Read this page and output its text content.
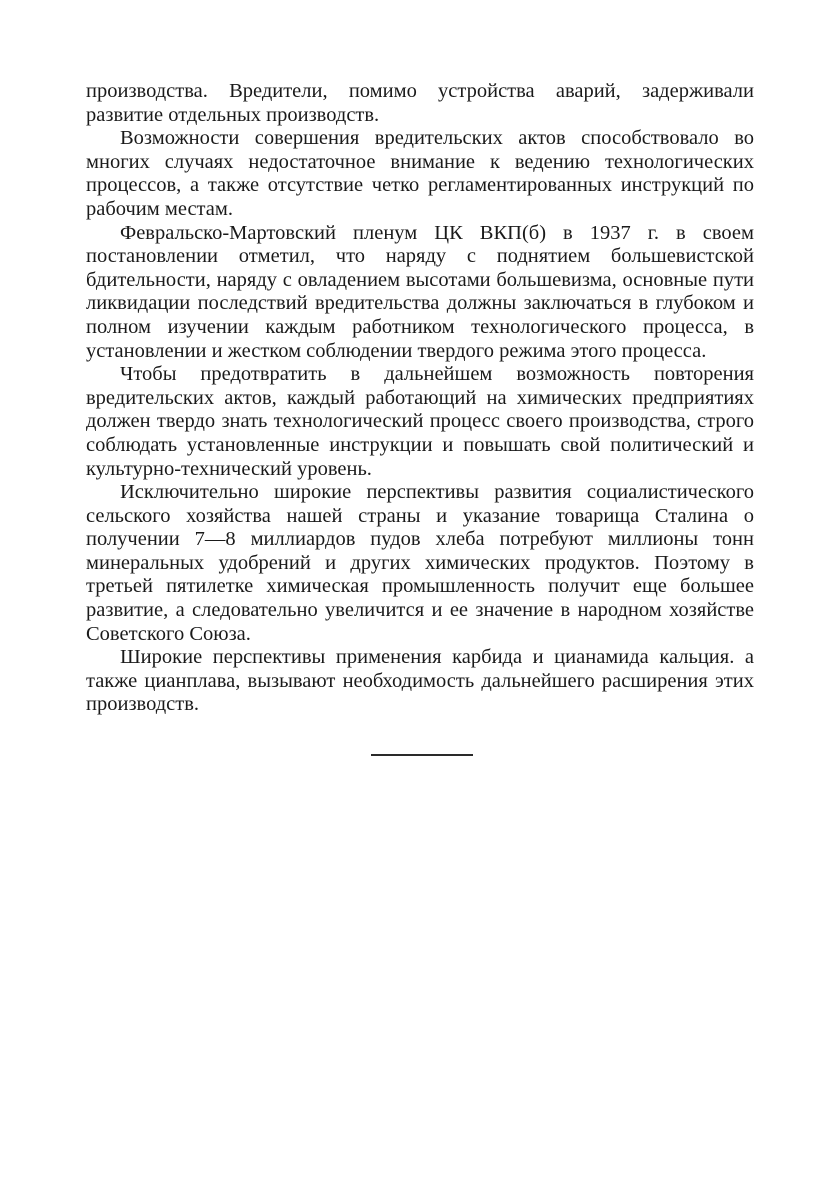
производства. Вредители, помимо устройства аварий, задерживали развитие отдельных производств.

Возможности совершения вредительских актов способствовало во многих случаях недостаточное внимание к ведению технологических процессов, а также отсутствие четко регламентированных инструкций по рабочим местам.

Февральско-Мартовский пленум ЦК ВКП(б) в 1937 г. в своем постановлении отметил, что наряду с поднятием большевистской бдительности, наряду с овладением высотами большевизма, основные пути ликвидации последствий вредительства должны заключаться в глубоком и полном изучении каждым работником технологического процесса, в установлении и жестком соблюдении твердого режима этого процесса.

Чтобы предотвратить в дальнейшем возможность повторения вредительских актов, каждый работающий на химических предприятиях должен твердо знать технологический процесс своего производства, строго соблюдать установленные инструкции и повышать свой политический и культурно-технический уровень.

Исключительно широкие перспективы развития социалистического сельского хозяйства нашей страны и указание товарища Сталина о получении 7—8 миллиардов пудов хлеба потребуют миллионы тонн минеральных удобрений и других химических продуктов. Поэтому в третьей пятилетке химическая промышленность получит еще большее развитие, а следовательно увеличится и ее значение в народном хозяйстве Советского Союза.

Широкие перспективы применения карбида и цианамида кальция. а также цианплава, вызывают необходимость дальнейшего расширения этих производств.
